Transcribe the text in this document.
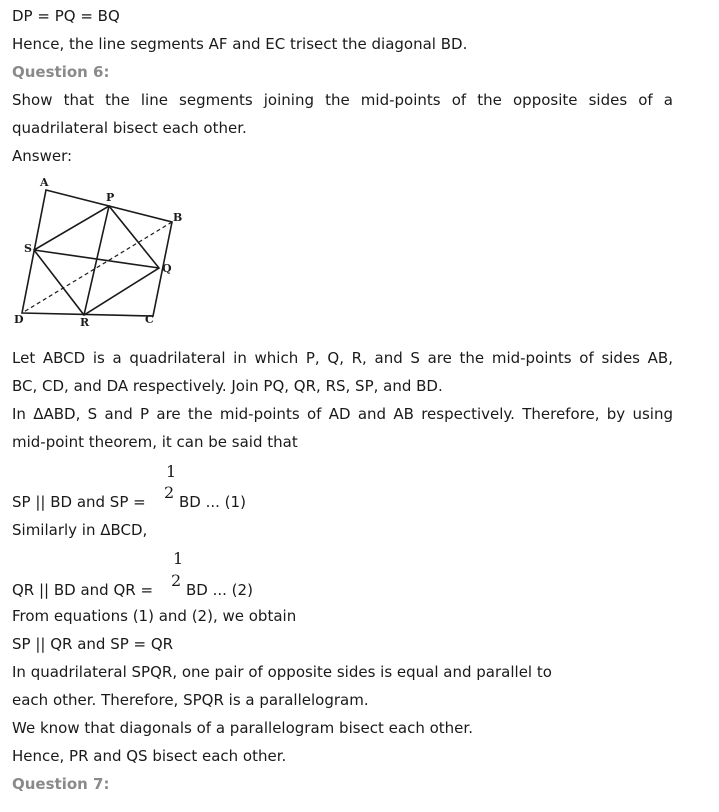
DP = PQ = BQ
Hence, the line segments AF and EC trisect the diagonal BD.
Question 6:
Show that the line segments joining the mid-points of the opposite sides of a
quadrilateral bisect each other.
Answer:
A
P
B
S
Q
D	R	C
Let ABCD is a quadrilateral in which P, Q, R, and S are the mid-points of sides AB,
BC, CD, and DA respectively. Join PQ, QR, RS, SP, and BD.
In ΔABD, S and P are the mid-points of AD and AB respectively. Therefore, by using
mid-point theorem, it can be said that
1
2
SP || BD and SP = BD ... (1)
Similarly in ΔBCD,
1
2
QR || BD and QR = BD ... (2)
From equations (1) and (2), we obtain
SP || QR and SP = QR
In quadrilateral SPQR, one pair of opposite sides is equal and parallel to
each other. Therefore, SPQR is a parallelogram.
We know that diagonals of a parallelogram bisect each other.
Hence, PR and QS bisect each other.
Question 7:
